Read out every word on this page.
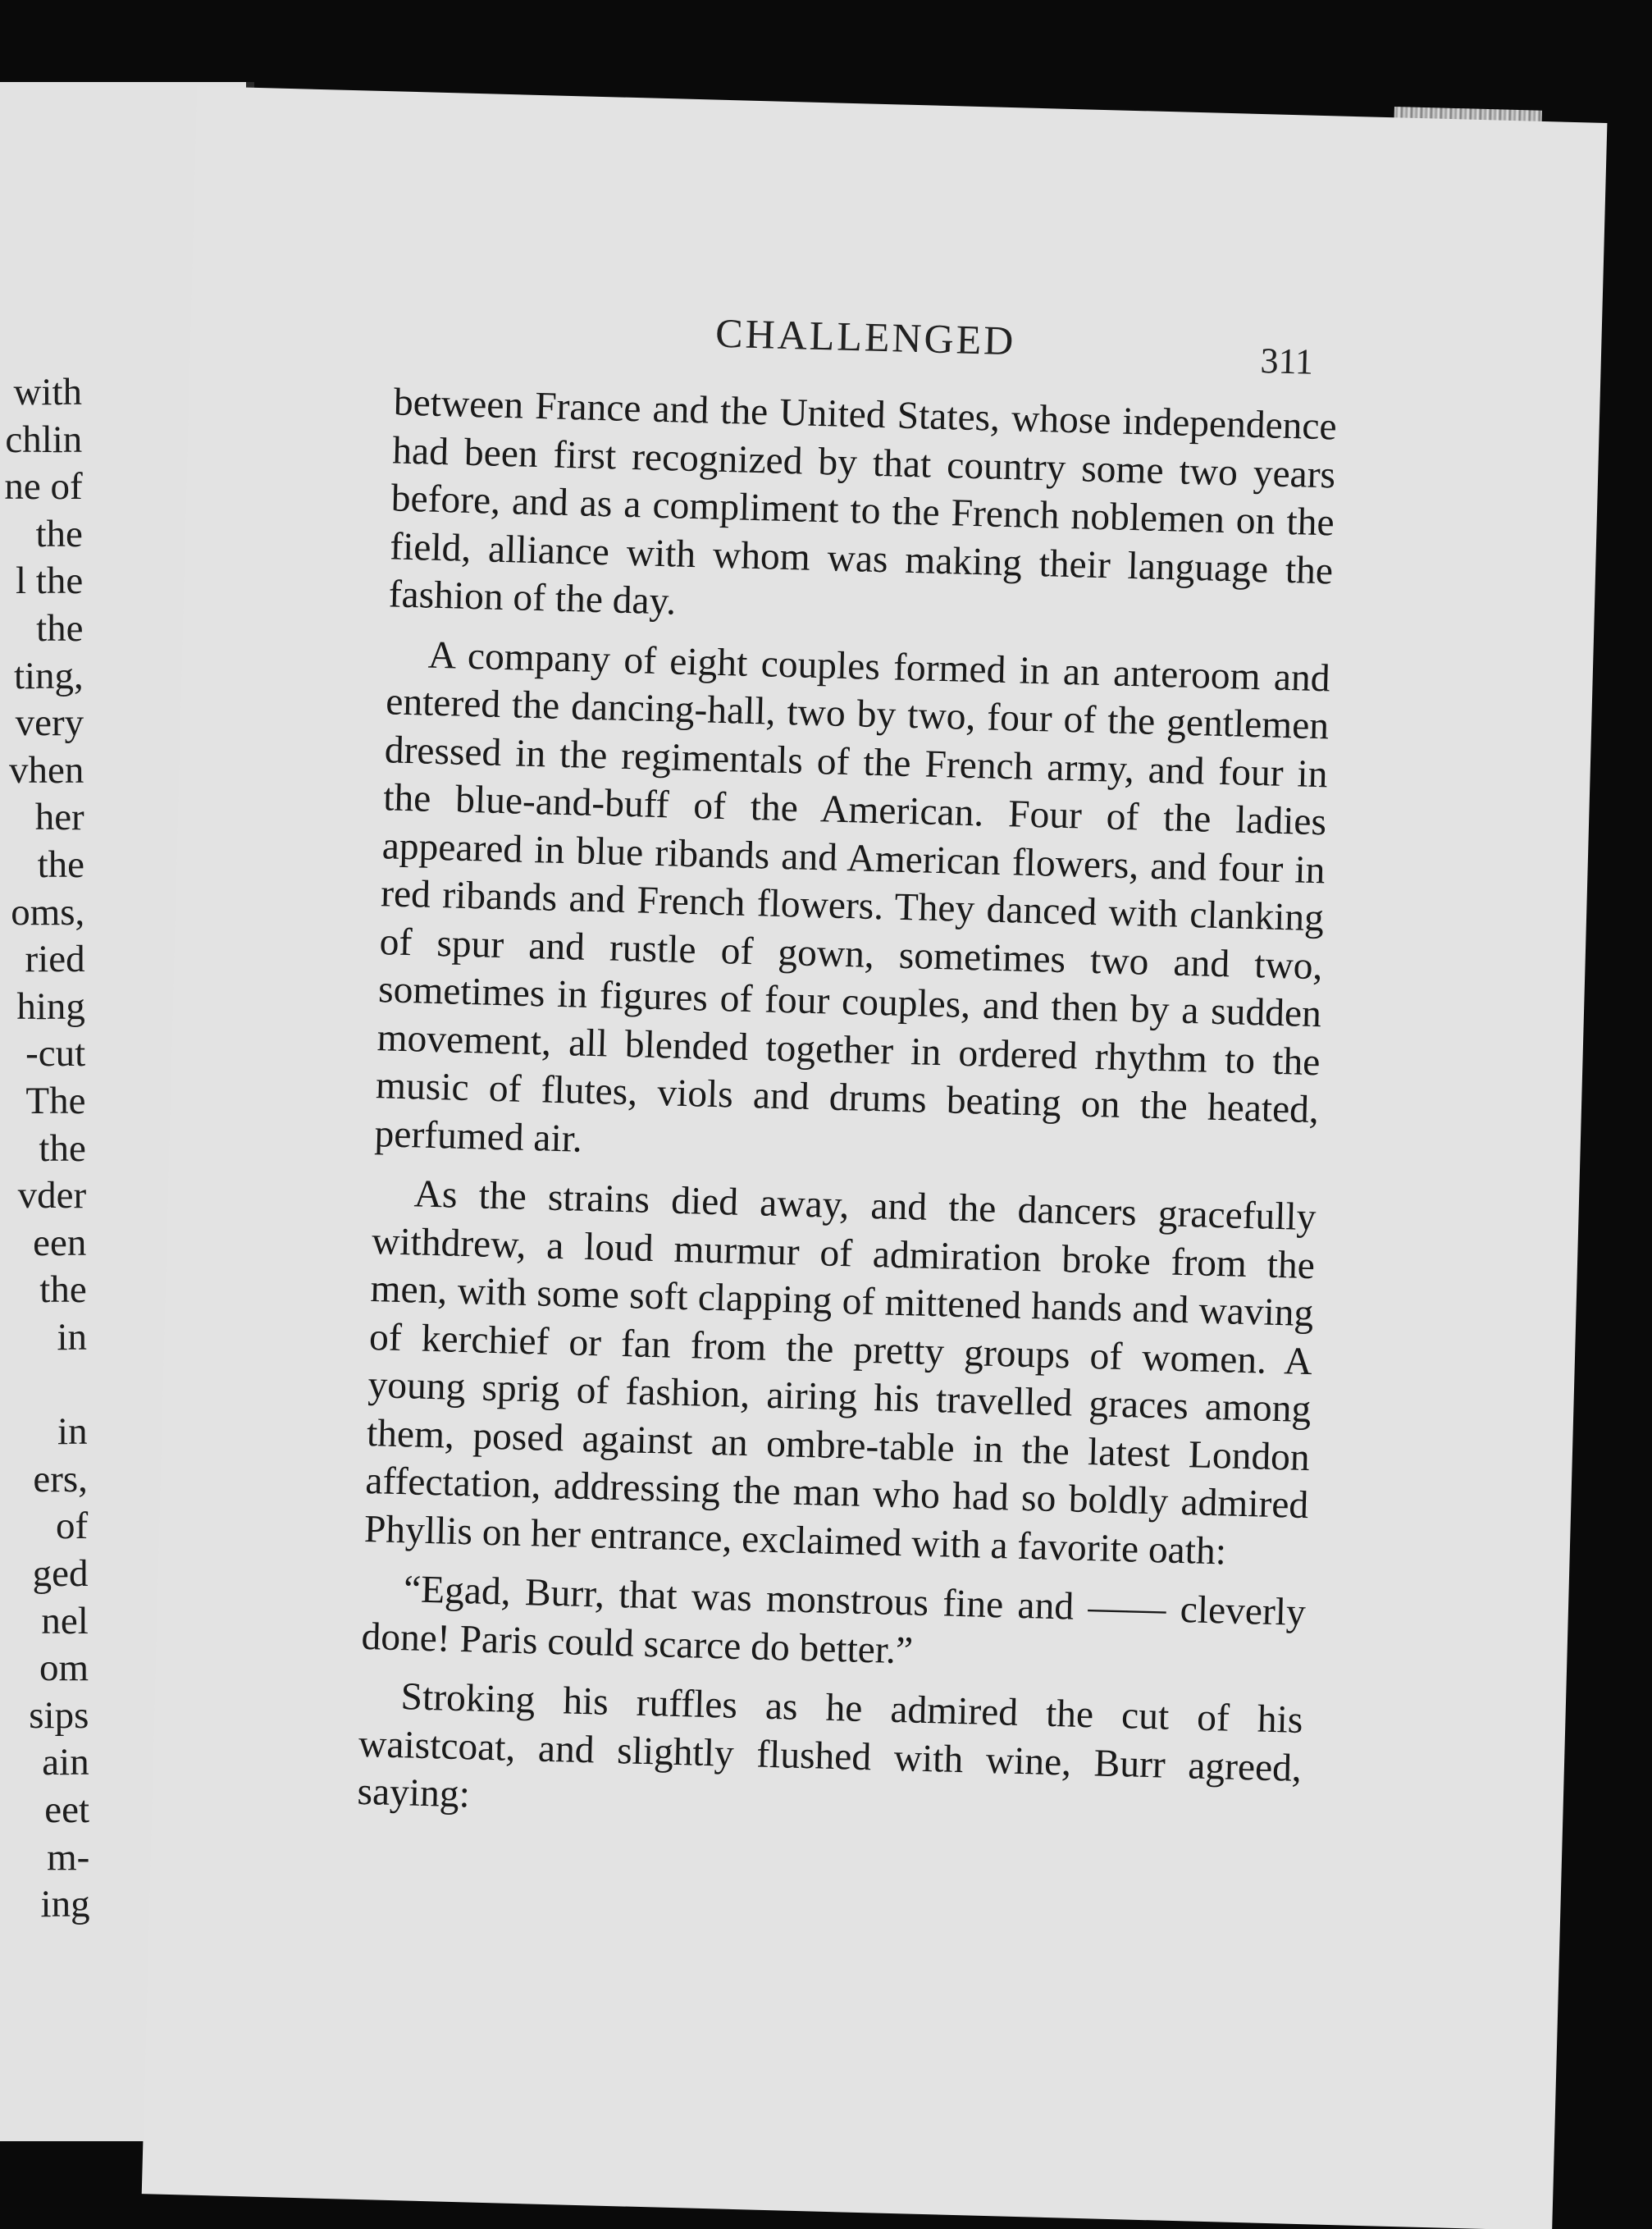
with
chlin
ne of
the
l the
the
ting,
very
vhen
her
the
oms,
ried
hing
-cut
The
the
vder
een
the
in
in
ers,
of
ged
nel
om
sips
ain
eet
m-
ing
CHALLENGED	311

between France and the United States, whose independence had been first recognized by that country some two years before, and as a compliment to the French noblemen on the field, alliance with whom was making their language the fashion of the day.

A company of eight couples formed in an anteroom and entered the dancing-hall, two by two, four of the gentlemen dressed in the regimentals of the French army, and four in the blue-and-buff of the American. Four of the ladies appeared in blue ribands and American flowers, and four in red ribands and French flowers. They danced with clanking of spur and rustle of gown, sometimes two and two, sometimes in figures of four couples, and then by a sudden movement, all blended together in ordered rhythm to the music of flutes, viols and drums beating on the heated, perfumed air.

As the strains died away, and the dancers gracefully withdrew, a loud murmur of admiration broke from the men, with some soft clapping of mittened hands and waving of kerchief or fan from the pretty groups of women. A young sprig of fashion, airing his travelled graces among them, posed against an ombre-table in the latest London affectation, addressing the man who had so boldly admired Phyllis on her entrance, exclaimed with a favorite oath:

“Egad, Burr, that was monstrous fine and —— cleverly done! Paris could scarce do better.”

Stroking his ruffles as he admired the cut of his waistcoat, and slightly flushed with wine, Burr agreed, saying:
